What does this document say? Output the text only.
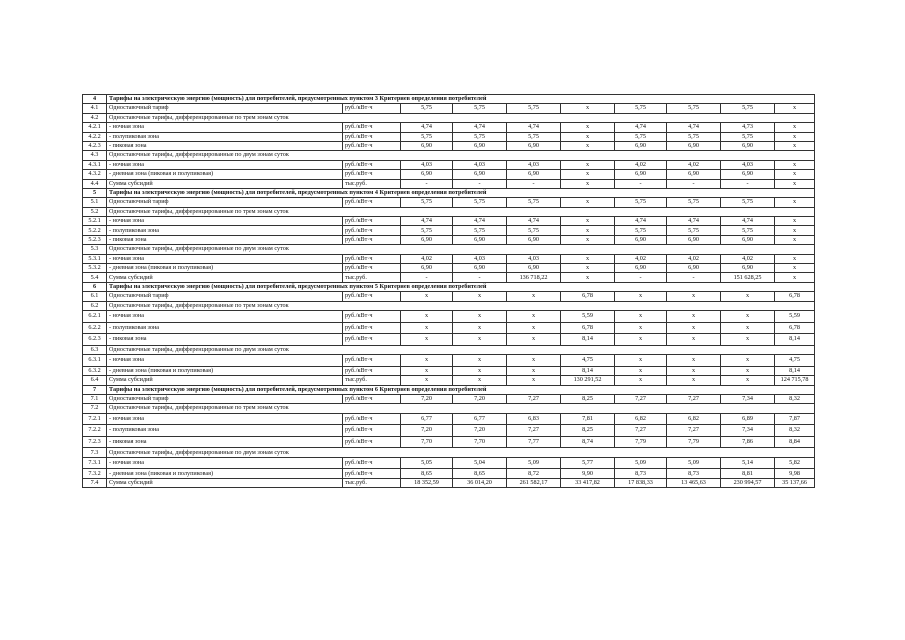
4	Тарифы на электрическую энергию (мощность) для потребителей, предусмотренных пунктом 3 Критериев определения потребителей									
4.1	Одноставочный тариф	руб./кВт·ч	5,75	5,75	5,75	х	5,75	5,75	5,75	х
4.2	Одноставочные тарифы, дифференцированные по трем зонам суток									
4.2.1	- ночная зона	руб./кВт·ч	4,74	4,74	4,74	х	4,74	4,74	4,73	х
4.2.2	- полупиковая зона	руб./кВт·ч	5,75	5,75	5,75	х	5,75	5,75	5,75	х
4.2.3	- пиковая зона	руб./кВт·ч	6,90	6,90	6,90	х	6,90	6,90	6,90	х
4.3	Одноставочные тарифы, дифференцированные по двум зонам суток									
4.3.1	- ночная зона	руб./кВт·ч	4,03	4,03	4,03	х	4,02	4,02	4,03	х
4.3.2	- дневная зона (пиковая и полупиковая)	руб./кВт·ч	6,90	6,90	6,90	х	6,90	6,90	6,90	х
4.4	Сумма субсидий	тыс.руб.	-	-	-	х	-	-	-	х
5	Тарифы на электрическую энергию (мощность) для потребителей, предусмотренных пунктом 4 Критериев определения потребителей									
5.1	Одноставочный тариф	руб./кВт·ч	5,75	5,75	5,75	х	5,75	5,75	5,75	х
5.2	Одноставочные тарифы, дифференцированные по трем зонам суток									
5.2.1	- ночная зона	руб./кВт·ч	4,74	4,74	4,74	х	4,74	4,74	4,74	х
5.2.2	- полупиковая зона	руб./кВт·ч	5,75	5,75	5,75	х	5,75	5,75	5,75	х
5.2.3	- пиковая зона	руб./кВт·ч	6,90	6,90	6,90	х	6,90	6,90	6,90	х
5.3	Одноставочные тарифы, дифференцированные по двум зонам суток									
5.3.1	- ночная зона	руб./кВт·ч	4,02	4,03	4,03	х	4,02	4,02	4,02	х
5.3.2	- дневная зона (пиковая и полупиковая)	руб./кВт·ч	6,90	6,90	6,90	х	6,90	6,90	6,90	х
5.4	Сумма субсидий	тыс.руб.	-	-	136 718,22	х	-	-	151 628,25	х
6	Тарифы на электрическую энергию (мощность) для потребителей, предусмотренных пунктом 5 Критериев определения потребителей									
6.1	Одноставочный тариф	руб./кВт·ч	х	х	х	6,78	х	х	х	6,78
6.2	Одноставочные тарифы, дифференцированные по трем зонам суток									
6.2.1	- ночная зона	руб./кВт·ч	х	х	х	5,59	х	х	х	5,59
6.2.2	- полупиковая зона	руб./кВт·ч	х	х	х	6,78	х	х	х	6,78
6.2.3	- пиковая зона	руб./кВт·ч	х	х	х	8,14	х	х	х	8,14
6.3	Одноставочные тарифы, дифференцированные по двум зонам суток									
6.3.1	- ночная зона	руб./кВт·ч	х	х	х	4,75	х	х	х	4,75
6.3.2	- дневная зона (пиковая и полупиковая)	руб./кВт·ч	х	х	х	8,14	х	х	х	8,14
6.4	Сумма субсидий	тыс.руб.	х	х	х	130 291,52	х	х	х	124 715,78
7	Тарифы на электрическую энергию (мощность) для потребителей, предусмотренных пунктом 6 Критериев определения потребителей									
7.1	Одноставочный тариф	руб./кВт·ч	7,20	7,20	7,27	8,25	7,27	7,27	7,34	8,32
7.2	Одноставочные тарифы, дифференцированные по трем зонам суток									
7.2.1	- ночная зона	руб./кВт·ч	6,77	6,77	6,83	7,81	6,82	6,82	6,89	7,87
7.2.2	- полупиковая зона	руб./кВт·ч	7,20	7,20	7,27	8,25	7,27	7,27	7,34	8,32
7.2.3	- пиковая зона	руб./кВт·ч	7,70	7,70	7,77	8,74	7,79	7,79	7,86	8,84
7.3	Одноставочные тарифы, дифференцированные по двум зонам суток									
7.3.1	- ночная зона	руб./кВт·ч	5,05	5,04	5,09	5,77	5,09	5,09	5,14	5,82
7.3.2	- дневная зона (пиковая и полупиковая)	руб./кВт·ч	8,65	8,65	8,72	9,90	8,73	8,73	8,81	9,98
7.4	Сумма субсидий	тыс.руб.	18 352,59	36 014,20	261 582,17	33 417,82	17 838,33	13 465,63	230 994,57	35 137,66
